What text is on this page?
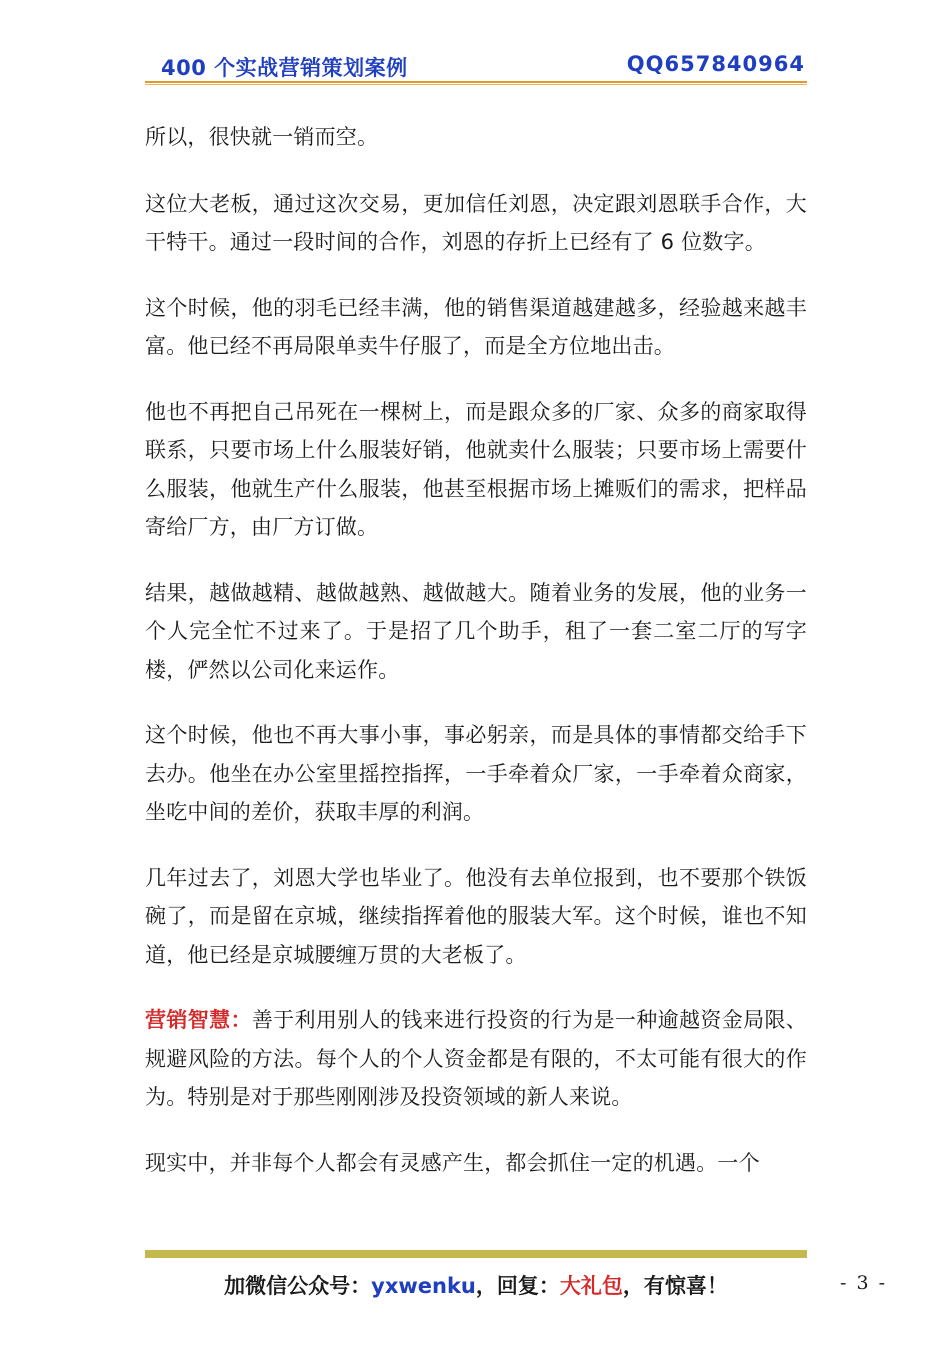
400 个实战营销策划案例	QQ657840964

所以，很快就一销而空。

这位大老板，通过这次交易，更加信任刘恩，决定跟刘恩联手合作，大干特干。通过一段时间的合作，刘恩的存折上已经有了 6 位数字。

这个时候，他的羽毛已经丰满，他的销售渠道越建越多，经验越来越丰富。他已经不再局限单卖牛仔服了，而是全方位地出击。

他也不再把自己吊死在一棵树上，而是跟众多的厂家、众多的商家取得联系，只要市场上什么服装好销，他就卖什么服装；只要市场上需要什么服装，他就生产什么服装，他甚至根据市场上摊贩们的需求，把样品寄给厂方，由厂方订做。

结果，越做越精、越做越熟、越做越大。随着业务的发展，他的业务一个人完全忙不过来了。于是招了几个助手，租了一套二室二厅的写字楼，俨然以公司化来运作。

这个时候，他也不再大事小事，事必躬亲，而是具体的事情都交给手下去办。他坐在办公室里摇控指挥，一手牵着众厂家，一手牵着众商家，坐吃中间的差价，获取丰厚的利润。

几年过去了，刘恩大学也毕业了。他没有去单位报到，也不要那个铁饭碗了，而是留在京城，继续指挥着他的服装大军。这个时候，谁也不知道，他已经是京城腰缠万贯的大老板了。

营销智慧：善于利用别人的钱来进行投资的行为是一种逾越资金局限、规避风险的方法。每个人的个人资金都是有限的，不太可能有很大的作为。特别是对于那些刚刚涉及投资领域的新人来说。

现实中，并非每个人都会有灵感产生，都会抓住一定的机遇。一个

加微信公众号：yxwenku，回复：大礼包，有惊喜！	- 3 -
